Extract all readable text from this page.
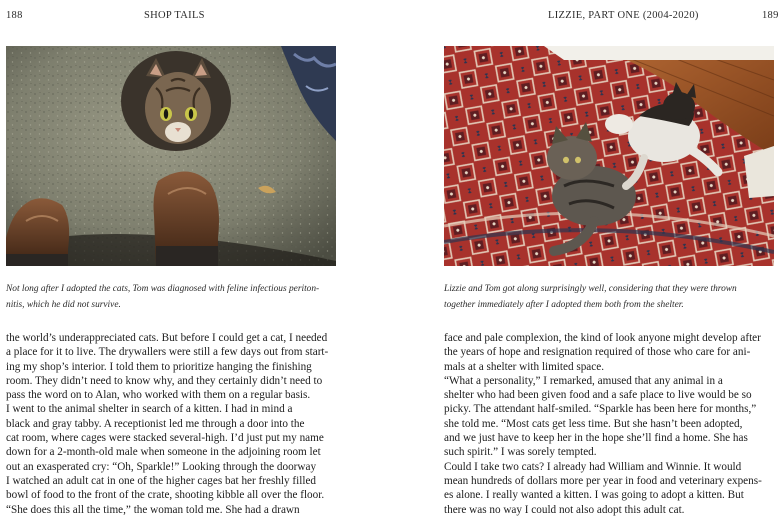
188	SHOP TAILS
Not long after I adopted the cats, Tom was diagnosed with feline infectious periton-
nitis, which he did not survive.
the world’s underappreciated cats. But before I could get a cat, I needed
a place for it to live. The drywallers were still a few days out from start-
ing my shop’s interior. I told them to prioritize hanging the finishing
room. They didn’t need to know why, and they certainly didn’t need to
pass the word on to Alan, who worked with them on a regular basis.
I went to the animal shelter in search of a kitten. I had in mind a
black and gray tabby. A receptionist led me through a door into the
cat room, where cages were stacked several-high. I’d just put my name
down for a 2-month-old male when someone in the adjoining room let
out an exasperated cry: “Oh, Sparkle!” Looking through the doorway
I watched an adult cat in one of the higher cages bat her freshly filled
bowl of food to the front of the crate, shooting kibble all over the floor.
“She does this all the time,” the woman told me. She had a drawn
LIZZIE, PART ONE (2004-2020)	189
Lizzie and Tom got along surprisingly well, considering that they were thrown
together immediately after I adopted them both from the shelter.
face and pale complexion, the kind of look anyone might develop after
the years of hope and resignation required of those who care for ani-
mals at a shelter with limited space.
“What a personality,” I remarked, amused that any animal in a
shelter who had been given food and a safe place to live would be so
picky. The attendant half-smiled. “Sparkle has been here for months,”
she told me. “Most cats get less time. But she hasn’t been adopted,
and we just have to keep her in the hope she’ll find a home. She has
such spirit.” I was sorely tempted.
Could I take two cats? I already had William and Winnie. It would
mean hundreds of dollars more per year in food and veterinary expens-
es alone. I really wanted a kitten. I was going to adopt a kitten. But
there was no way I could not also adopt this adult cat.
